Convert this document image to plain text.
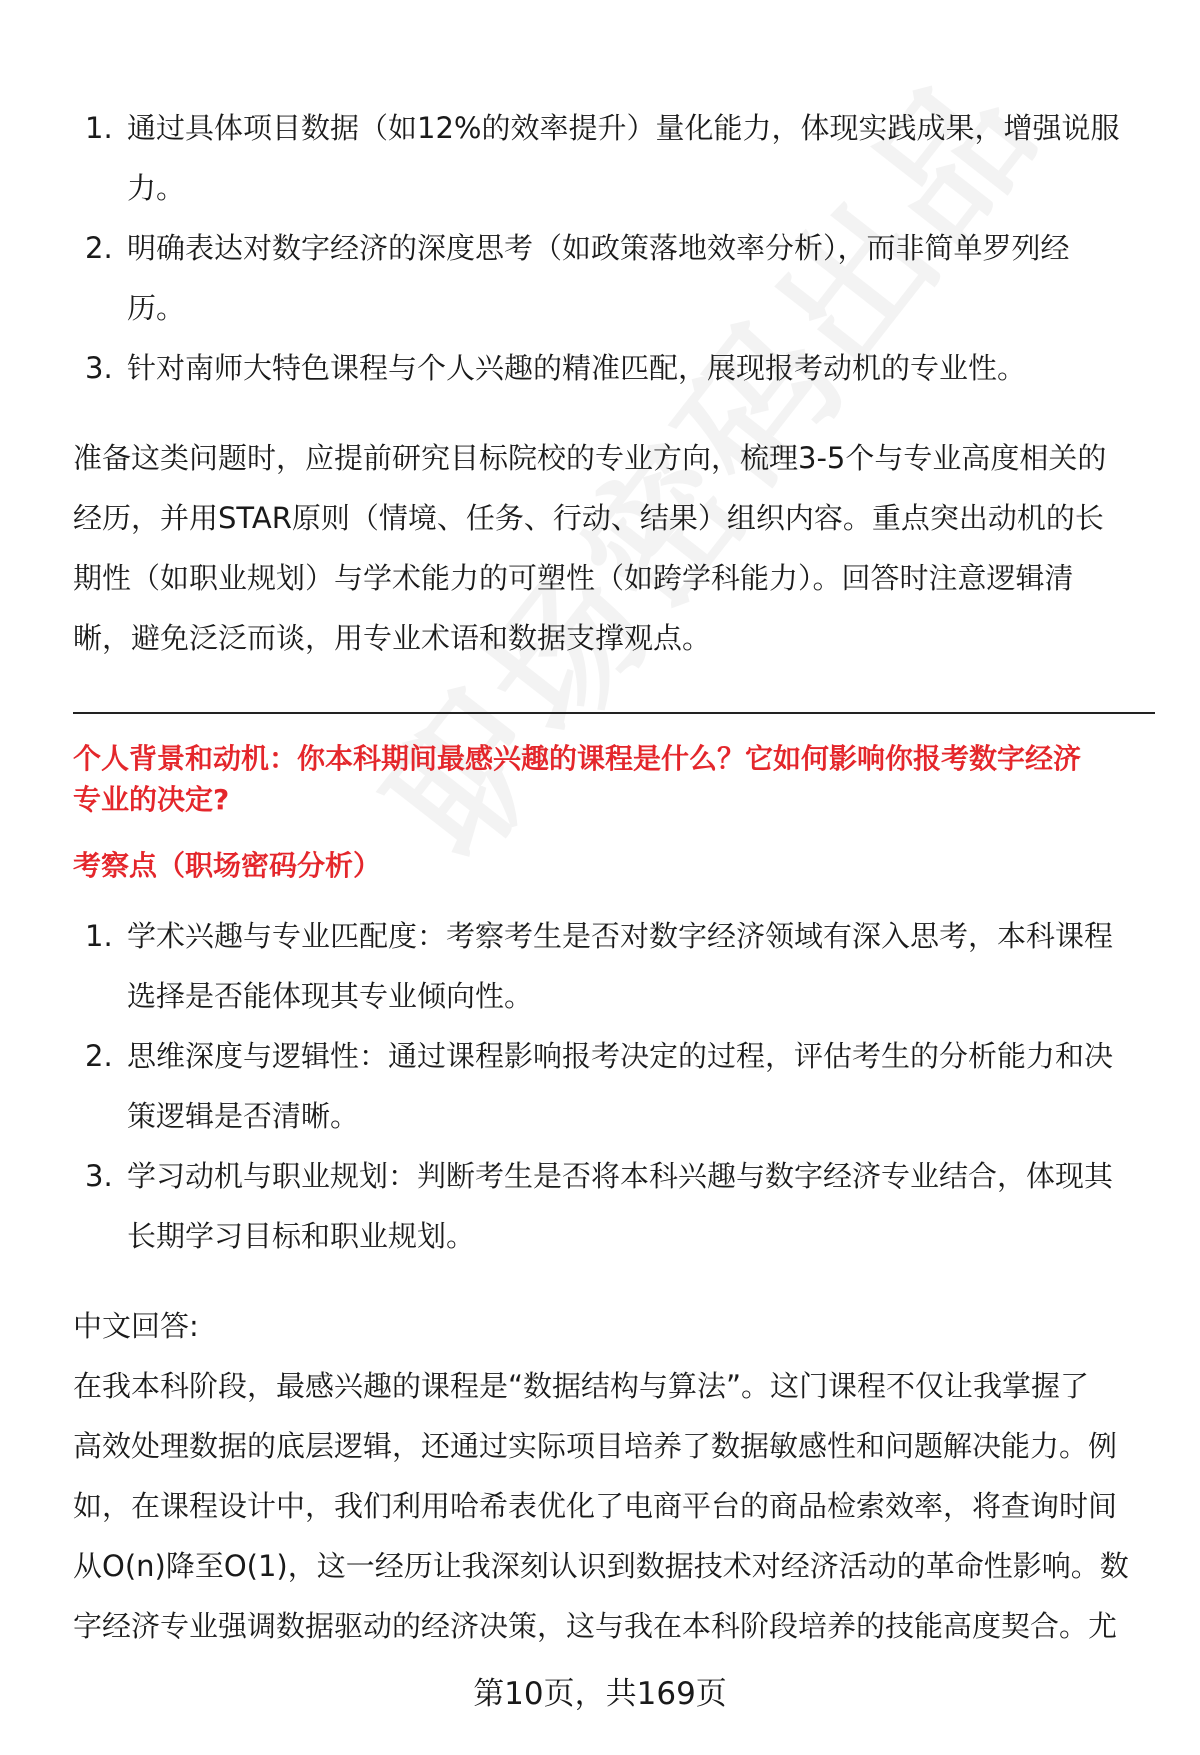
1. 通过具体项目数据（如12%的效率提升）量化能力，体现实践成果，增强说服
力。
2. 明确表达对数字经济的深度思考（如政策落地效率分析），而非简单罗列经
历。
3. 针对南师大特色课程与个人兴趣的精准匹配，展现报考动机的专业性。
准备这类问题时，应提前研究目标院校的专业方向，梳理3-5个与专业高度相关的
经历，并用STAR原则（情境、任务、行动、结果）组织内容。重点突出动机的长
期性（如职业规划）与学术能力的可塑性（如跨学科能力）。回答时注意逻辑清
晰，避免泛泛而谈，用专业术语和数据支撑观点。
个人背景和动机：你本科期间最感兴趣的课程是什么？它如何影响你报考数字经济
专业的决定?
考察点（职场密码分析）
1. 学术兴趣与专业匹配度：考察考生是否对数字经济领域有深入思考，本科课程
选择是否能体现其专业倾向性。
2. 思维深度与逻辑性：通过课程影响报考决定的过程，评估考生的分析能力和决
策逻辑是否清晰。
3. 学习动机与职业规划：判断考生是否将本科兴趣与数字经济专业结合，体现其
长期学习目标和职业规划。
中文回答:
在我本科阶段，最感兴趣的课程是“数据结构与算法”。这门课程不仅让我掌握了
高效处理数据的底层逻辑，还通过实际项目培养了数据敏感性和问题解决能力。例
如，在课程设计中，我们利用哈希表优化了电商平台的商品检索效率，将查询时间
从O(n)降至O(1)，这一经历让我深刻认识到数据技术对经济活动的革命性影响。数
字经济专业强调数据驱动的经济决策，这与我在本科阶段培养的技能高度契合。尤
第10页，共169页
